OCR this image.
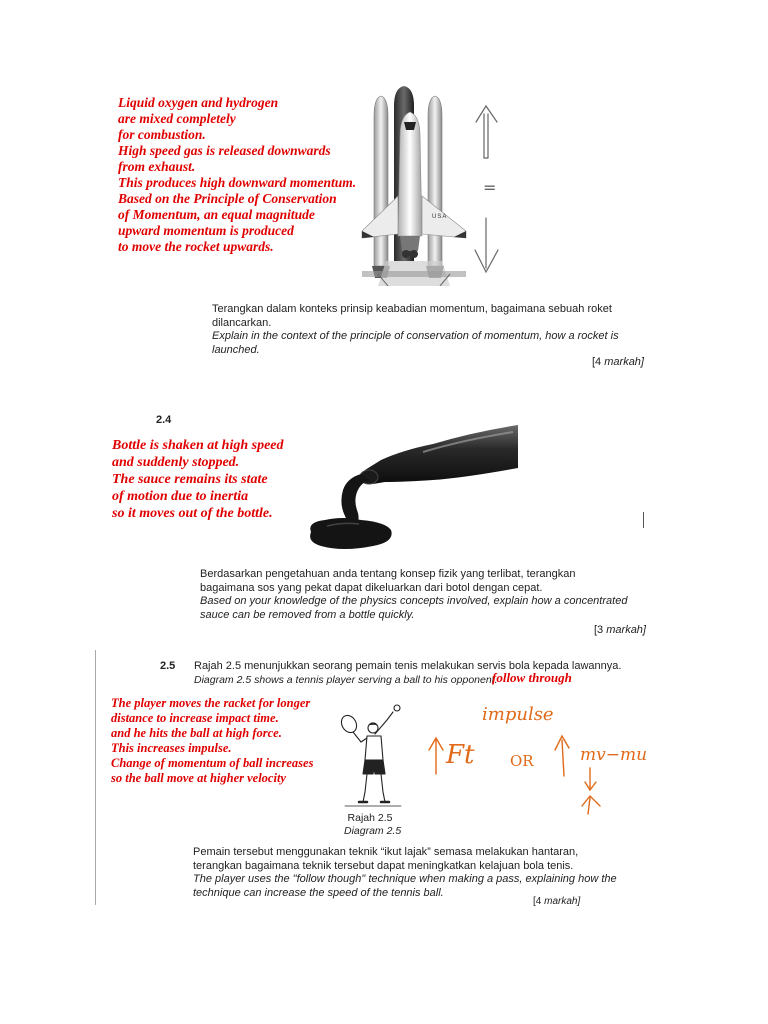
Liquid oxygen and hydrogen
are mixed completely
for combustion.
High speed gas is released downwards
from exhaust.
This produces high downward momentum.
Based on the Principle of Conservation
of Momentum, an equal magnitude
upward momentum is produced
to move the rocket upwards.
USA
=
Terangkan dalam konteks prinsip keabadian momentum, bagaimana sebuah roket
dilancarkan.
Explain in the context of the principle of conservation of momentum, how a rocket is
launched.
[4 markah]
2.4
Bottle is shaken at high speed
and suddenly stopped.
The sauce remains its state
of motion due to inertia
so it moves out of the bottle.
Berdasarkan pengetahuan anda tentang konsep fizik yang terlibat, terangkan
bagaimana sos yang pekat dapat dikeluarkan dari botol dengan cepat.
Based on your knowledge of the physics concepts involved, explain how a concentrated
sauce can be removed from a bottle quickly.
[3 markah]
2.5 Rajah 2.5 menunjukkan seorang pemain tenis melakukan servis bola kepada lawannya.
Diagram 2.5 shows a tennis player serving a ball to his opponent.
follow through
The player moves the racket for longer
distance to increase impact time.
and he hits the ball at high force.
This increases impulse.
Change of momentum of ball increases
so the ball move at higher velocity
Rajah 2.5
Diagram 2.5
impulse
Ft OR	mv−mu
Pemain tersebut menggunakan teknik “ikut lajak” semasa melakukan hantaran,
terangkan bagaimana teknik tersebut dapat meningkatkan kelajuan bola tenis.
The player uses the "follow though" technique when making a pass, explaining how the
technique can increase the speed of the tennis ball.
[4 markah]
